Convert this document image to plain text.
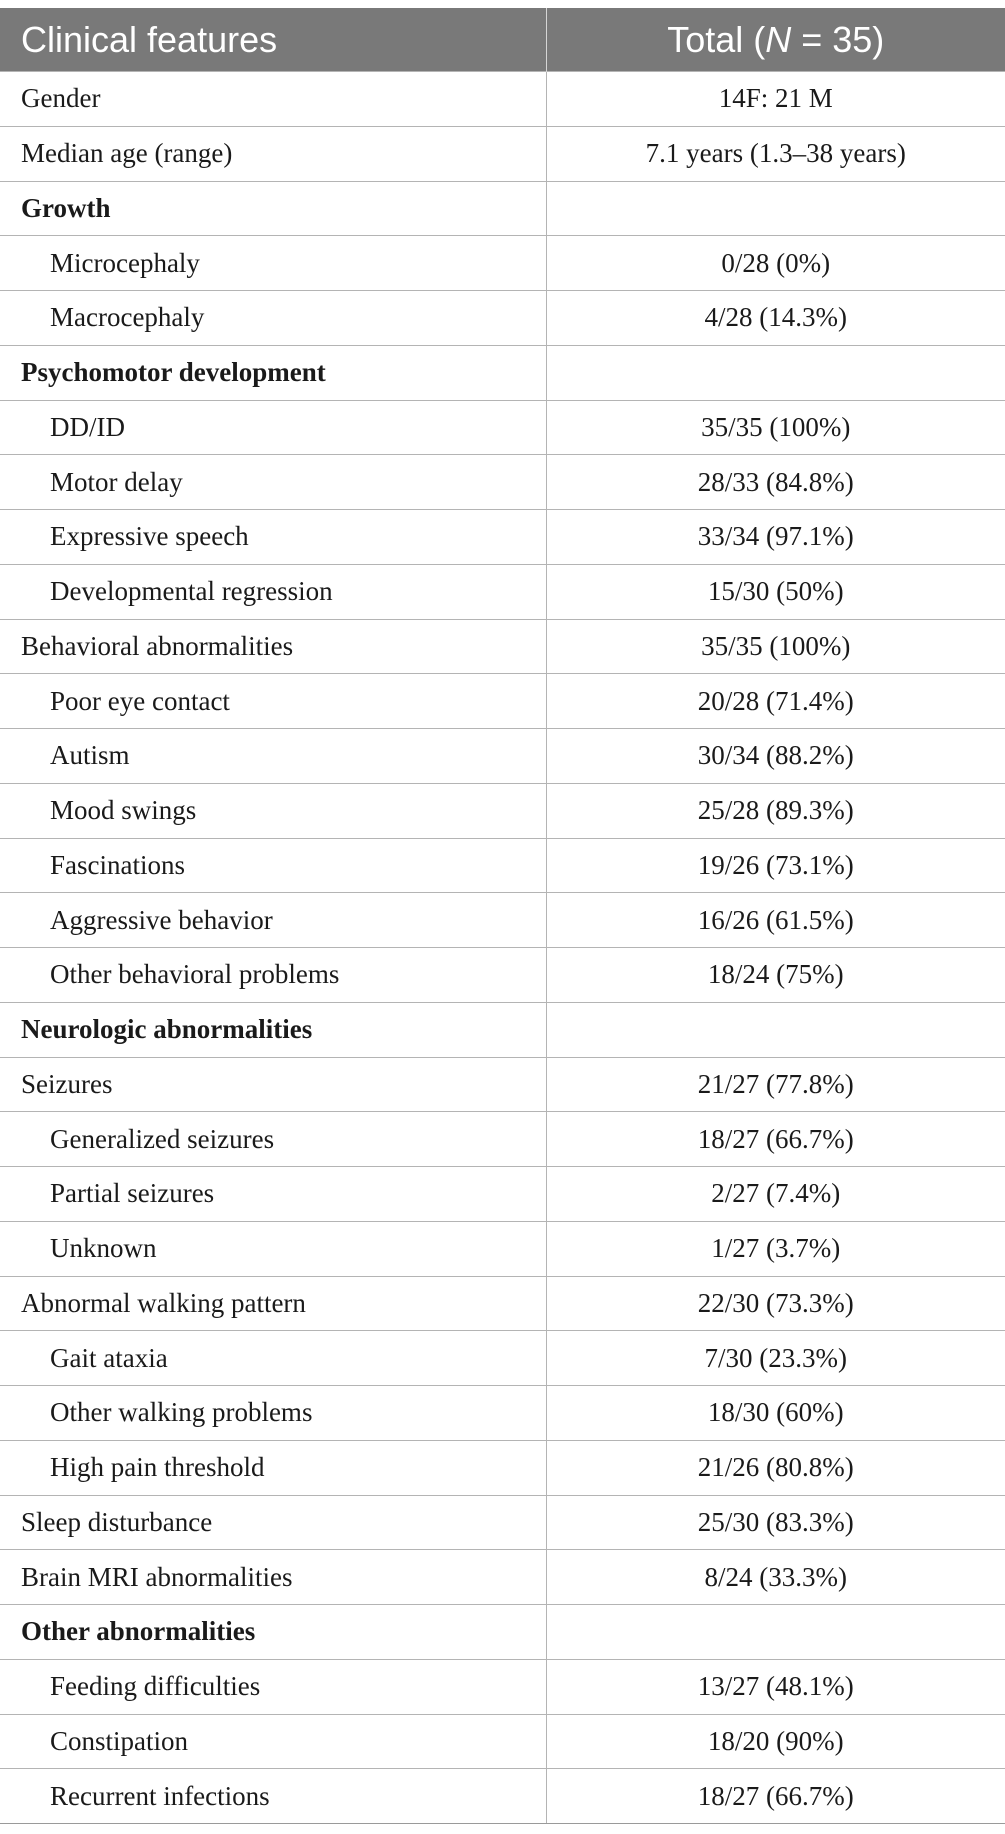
Clinical features	Total (N = 35)
Gender	14F: 21 M
Median age (range)	7.1 years (1.3–38 years)
Growth	
Microcephaly	0/28 (0%)
Macrocephaly	4/28 (14.3%)
Psychomotor development	
DD/ID	35/35 (100%)
Motor delay	28/33 (84.8%)
Expressive speech	33/34 (97.1%)
Developmental regression	15/30 (50%)
Behavioral abnormalities	35/35 (100%)
Poor eye contact	20/28 (71.4%)
Autism	30/34 (88.2%)
Mood swings	25/28 (89.3%)
Fascinations	19/26 (73.1%)
Aggressive behavior	16/26 (61.5%)
Other behavioral problems	18/24 (75%)
Neurologic abnormalities	
Seizures	21/27 (77.8%)
Generalized seizures	18/27 (66.7%)
Partial seizures	2/27 (7.4%)
Unknown	1/27 (3.7%)
Abnormal walking pattern	22/30 (73.3%)
Gait ataxia	7/30 (23.3%)
Other walking problems	18/30 (60%)
High pain threshold	21/26 (80.8%)
Sleep disturbance	25/30 (83.3%)
Brain MRI abnormalities	8/24 (33.3%)
Other abnormalities	
Feeding difficulties	13/27 (48.1%)
Constipation	18/20 (90%)
Recurrent infections	18/27 (66.7%)
